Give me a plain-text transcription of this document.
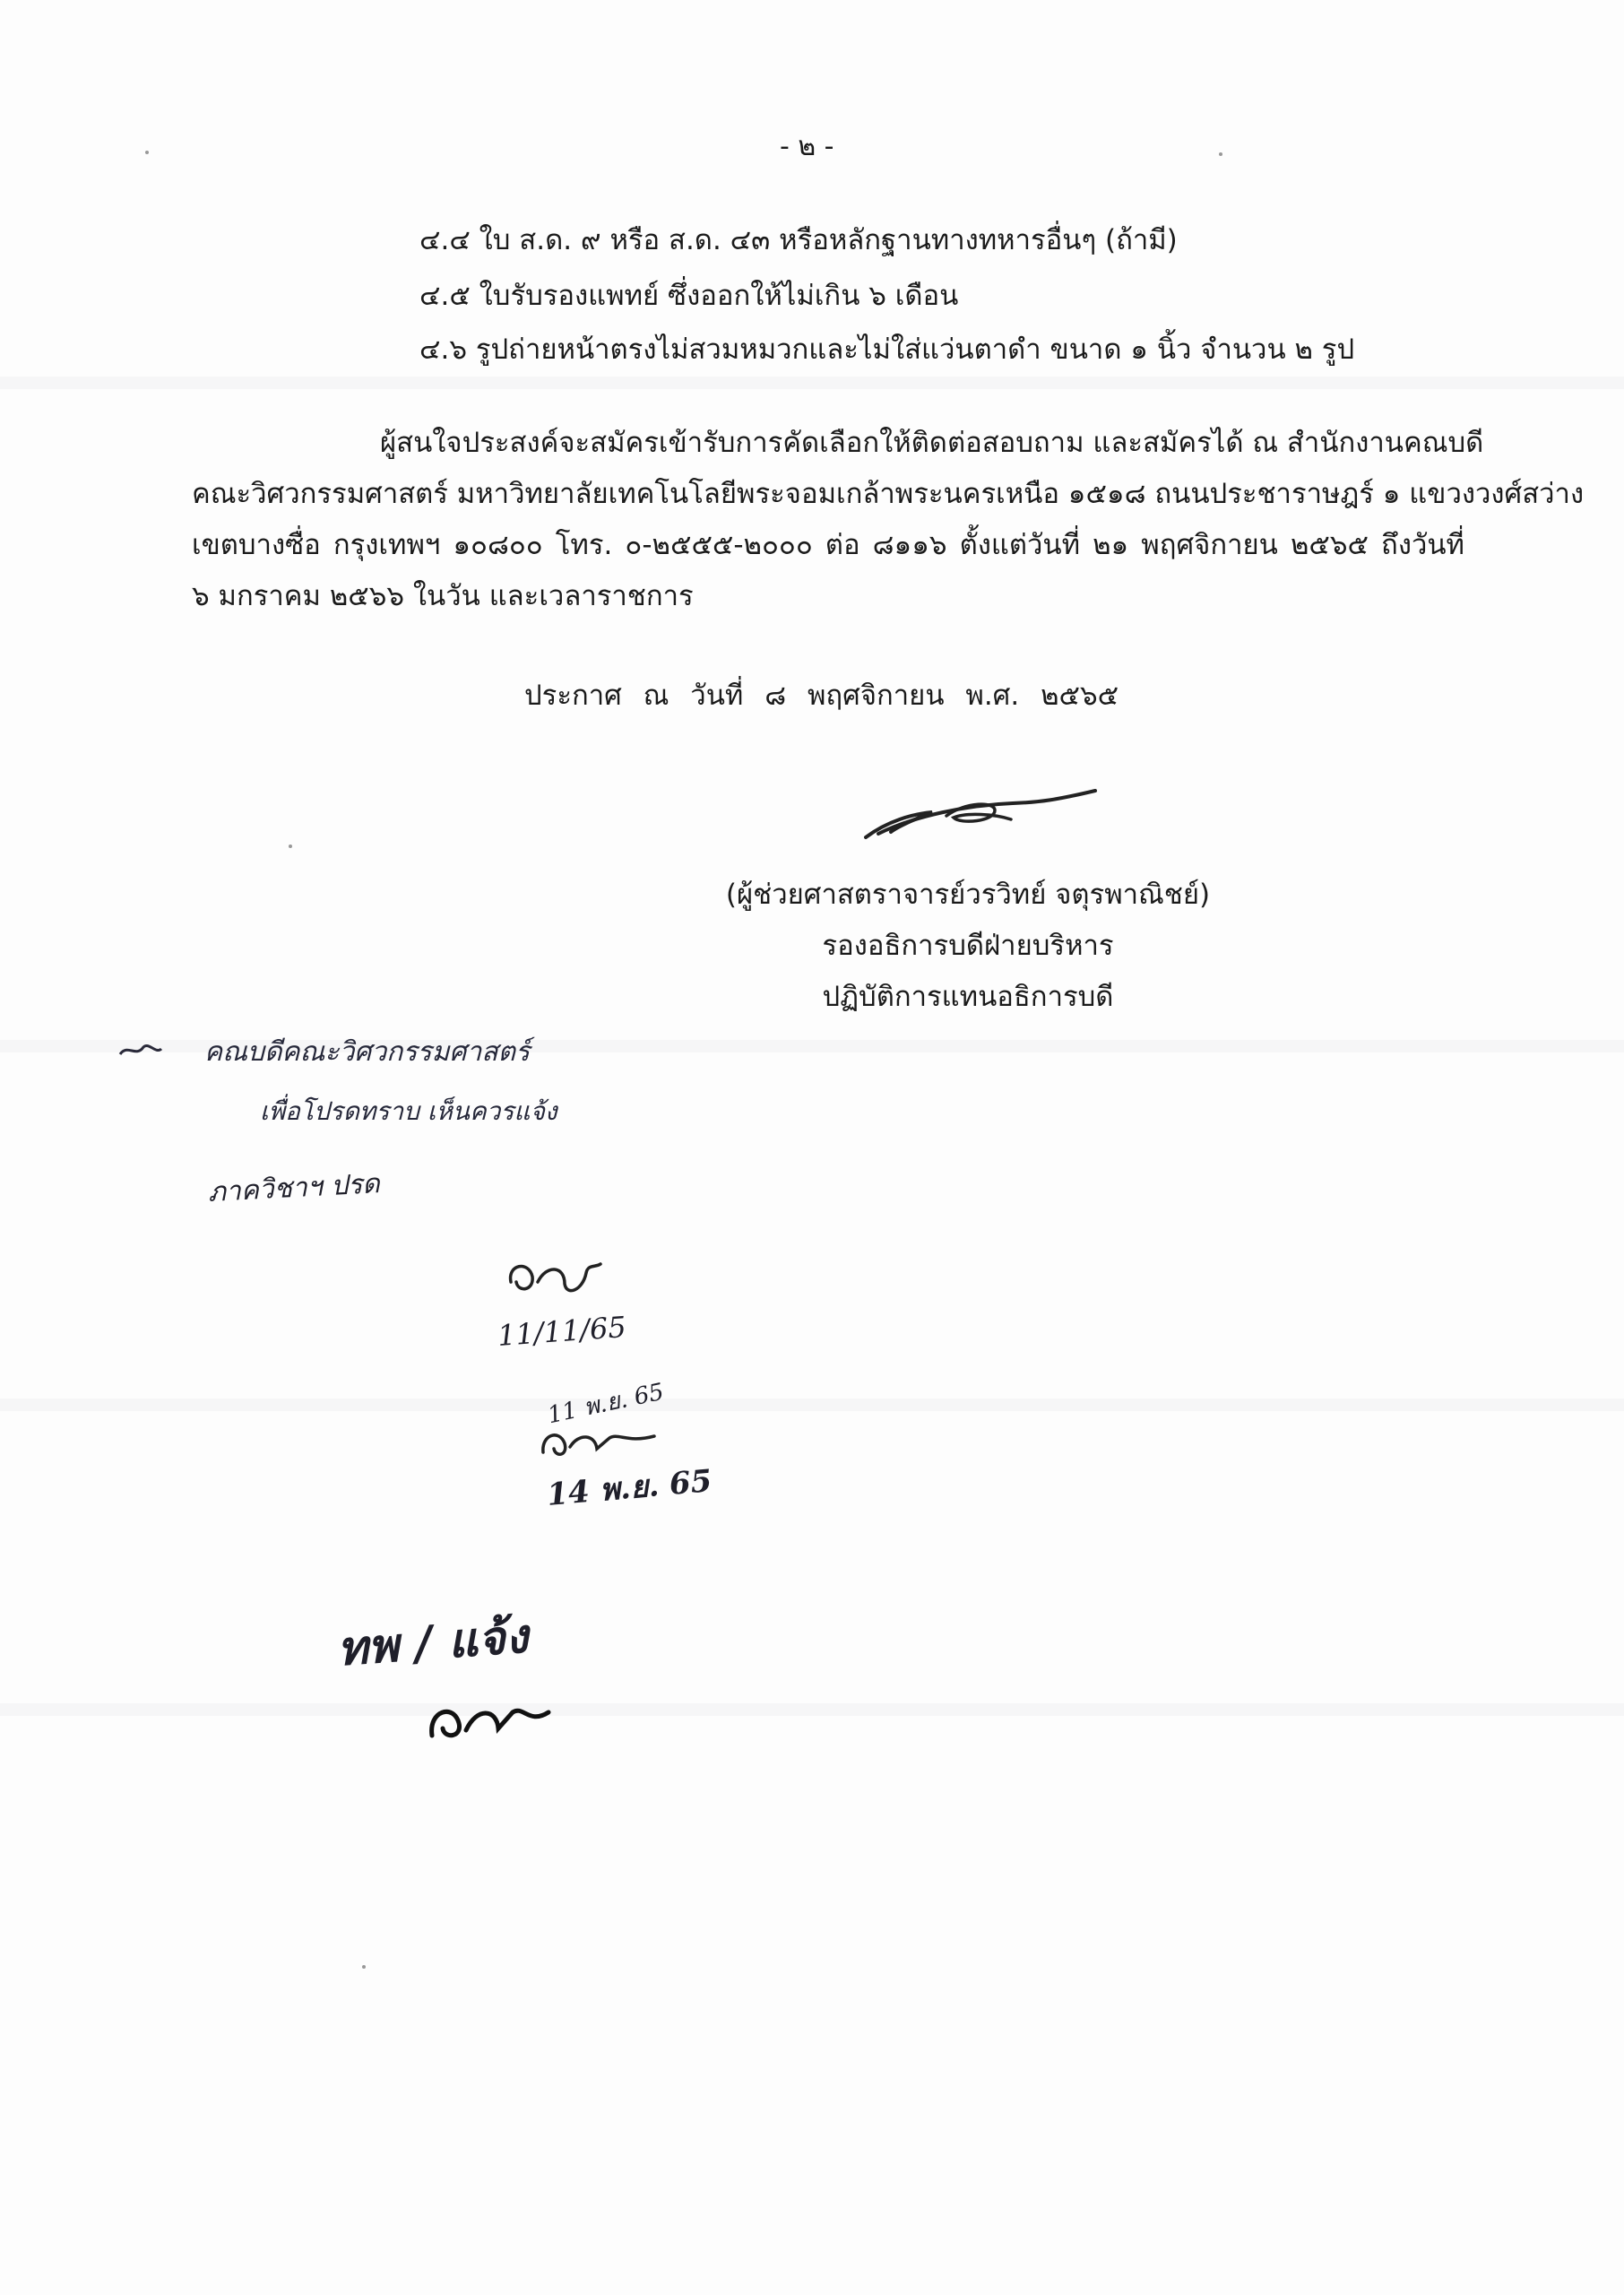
- ๒ -
๔.๔ ใบ ส.ด. ๙ หรือ ส.ด. ๔๓ หรือหลักฐานทางทหารอื่นๆ (ถ้ามี)
๔.๕ ใบรับรองแพทย์ ซึ่งออกให้ไม่เกิน ๖ เดือน
๔.๖ รูปถ่ายหน้าตรงไม่สวมหมวกและไม่ใส่แว่นตาดำ ขนาด ๑ นิ้ว จำนวน ๒ รูป
ผู้สนใจประสงค์จะสมัครเข้ารับการคัดเลือกให้ติดต่อสอบถาม และสมัครได้ ณ สำนักงานคณบดี
คณะวิศวกรรมศาสตร์ มหาวิทยาลัยเทคโนโลยีพระจอมเกล้าพระนครเหนือ ๑๕๑๘ ถนนประชาราษฎร์ ๑ แขวงวงศ์สว่าง
เขตบางซื่อ กรุงเทพฯ ๑๐๘๐๐ โทร. ๐-๒๕๕๕-๒๐๐๐ ต่อ ๘๑๑๖ ตั้งแต่วันที่ ๒๑ พฤศจิกายน ๒๕๖๕ ถึงวันที่
๖ มกราคม ๒๕๖๖ ในวัน และเวลาราชการ
ประกาศ ณ วันที่ ๘ พฤศจิกายน พ.ศ. ๒๕๖๕
(ผู้ช่วยศาสตราจารย์วรวิทย์ จตุรพาณิชย์)
รองอธิการบดีฝ่ายบริหาร
ปฏิบัติการแทนอธิการบดี
คณบดีคณะวิศวกรรมศาสตร์
เพื่อโปรดทราบ เห็นควรแจ้ง
ภาควิชาฯ ปรด
11/11/65
11 พ.ย. 65
14 พ.ย. 65
ทพ / แจ้ง
